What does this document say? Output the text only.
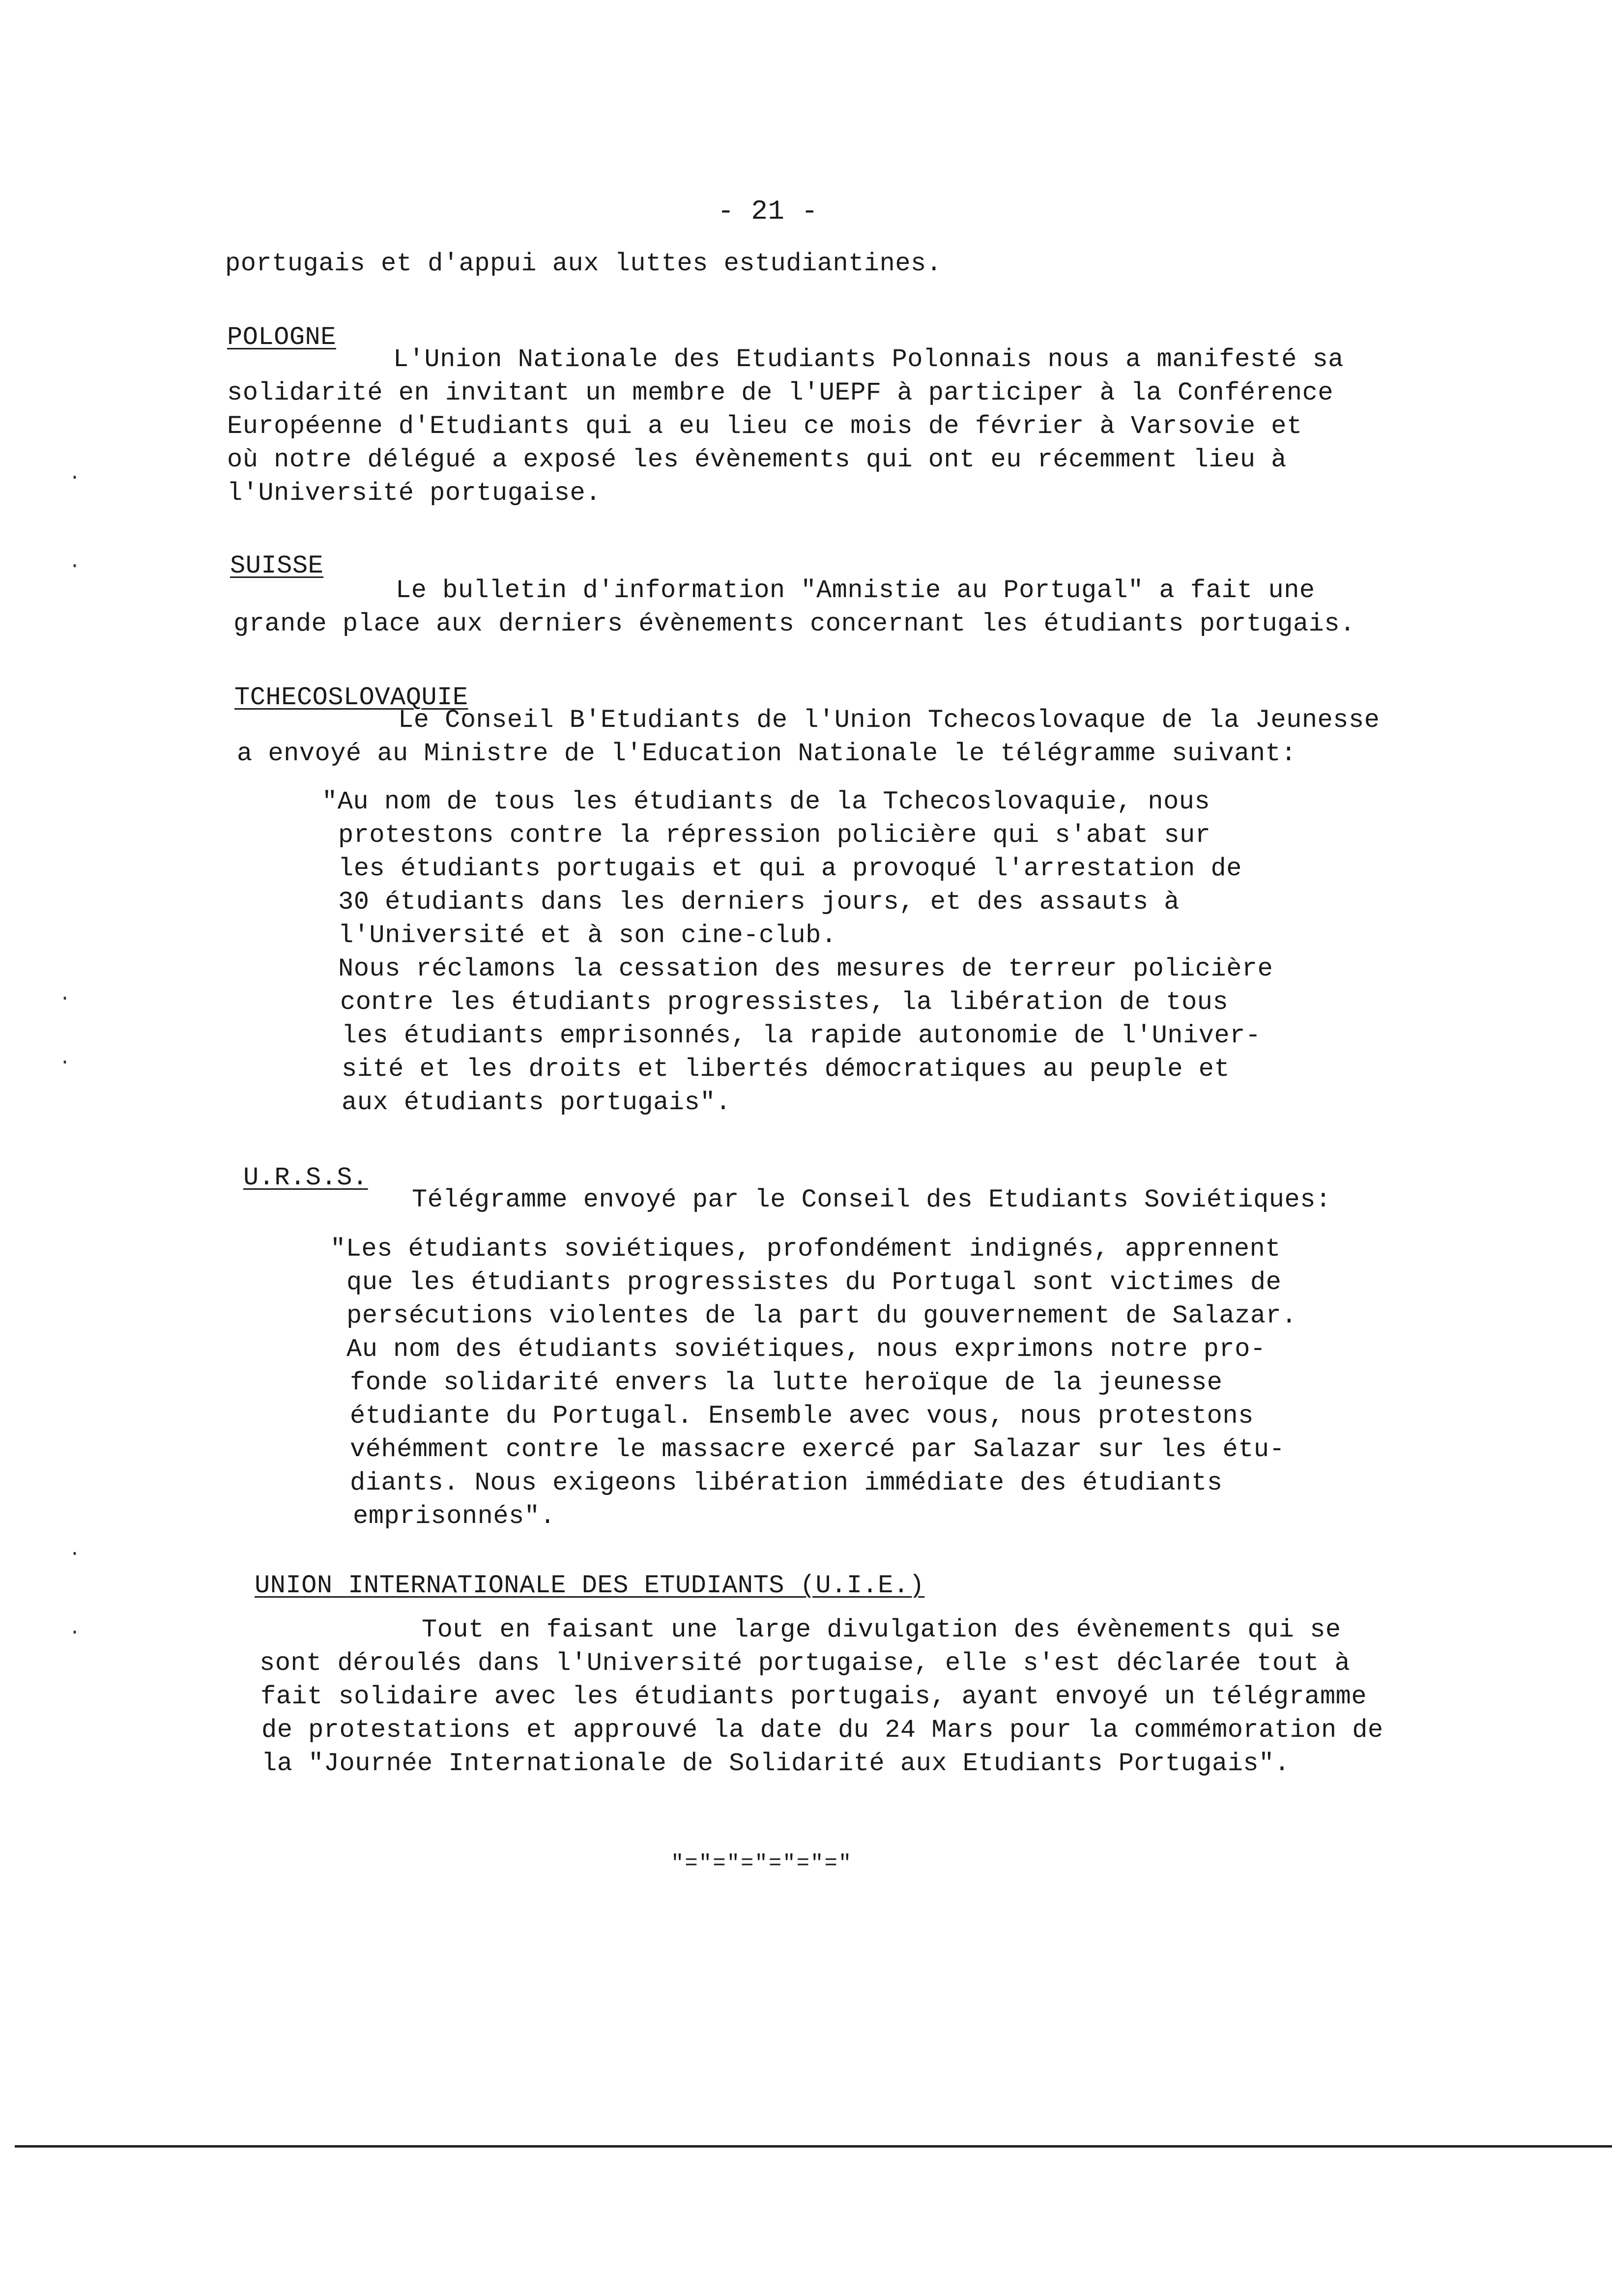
- 21 -
portugais et d'appui aux luttes estudiantines.
POLOGNE
L'Union Nationale des Etudiants Polonnais nous a manifesté sa
solidarité en invitant un membre de l'UEPF à participer à la Conférence
Européenne d'Etudiants qui a eu lieu ce mois de février à Varsovie et
où notre délégué a exposé les évènements qui ont eu récemment lieu à
l'Université portugaise.
SUISSE
Le bulletin d'information "Amnistie au Portugal" a fait une
grande place aux derniers évènements concernant les étudiants portugais.
TCHECOSLOVAQUIE
Le Conseil B'Etudiants de l'Union Tchecoslovaque de la Jeunesse
a envoyé au Ministre de l'Education Nationale le télégramme suivant:
"Au nom de tous les étudiants de la Tchecoslovaquie, nous
protestons contre la répression policière qui s'abat sur
les étudiants portugais et qui a provoqué l'arrestation de
30 étudiants dans les derniers jours, et des assauts à
l'Université et à son cine-club.
Nous réclamons la cessation des mesures de terreur policière
contre les étudiants progressistes, la libération de tous
les étudiants emprisonnés, la rapide autonomie de l'Univer-
sité et les droits et libertés démocratiques au peuple et
aux étudiants portugais".
U.R.S.S.
Télégramme envoyé par le Conseil des Etudiants Soviétiques:
"Les étudiants soviétiques, profondément indignés, apprennent
que les étudiants progressistes du Portugal sont victimes de
persécutions violentes de la part du gouvernement de Salazar.
Au nom des étudiants soviétiques, nous exprimons notre pro-
fonde solidarité envers la lutte heroïque de la jeunesse
étudiante du Portugal. Ensemble avec vous, nous protestons
véhémment contre le massacre exercé par Salazar sur les étu-
diants. Nous exigeons libération immédiate des étudiants
emprisonnés".
UNION INTERNATIONALE DES ETUDIANTS (U.I.E.)
Tout en faisant une large divulgation des évènements qui se
sont déroulés dans l'Université portugaise, elle s'est déclarée tout à
fait solidaire avec les étudiants portugais, ayant envoyé un télégramme
de protestations et approuvé la date du 24 Mars pour la commémoration de
la "Journée Internationale de Solidarité aux Etudiants Portugais".
"="="="="="="
·
·
·
·
·
·
